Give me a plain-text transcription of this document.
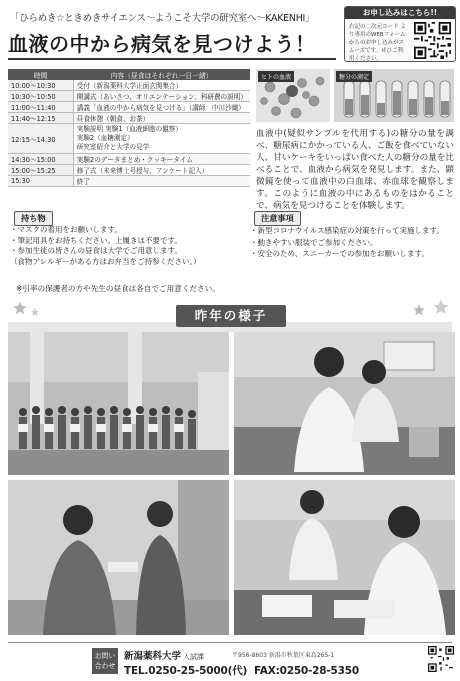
「ひらめき☆ときめきサイエンス〜ようこそ大学の研究室へ〜KAKENHI」
血液の中から病気を見つけよう！
お申し込みはこちら!!
右記の二次元コード より専用のWEBフォームからのお申し込みがスムーズです。ぜひご利用ください。
時間	内容（昼食はそれぞれ一日一緒）
10:00〜10:30	受付（新潟薬科大学正面玄関集合）
10:30〜10:50	開講式（あいさつ、オリエンテーション、科研費の説明）
11:00〜11:40	講義「血液の中から病気を見つける」（講師：中川沙織）
11:40〜12:15	昼食休憩（朝食、お茶）
12:15〜14:30	実験説明 実験1（血液細胞の観察）
実験2（血糖測定）
研究室紹介と大学の見学
14:30〜15:00	実験2のデータまとめ・クッキータイム
15:00〜15:25	修了式（未来博士号授与、アンケート記入）
15:30	終了
ヒトの血液	糖分の測定
血液中(疑似サンプルを代用する)の糖分の量を調べ、糖尿病にかかっている人、ご飯を食べていない人、甘いケーキをいっぱい食べた人の糖分の量を比べることで、血液から病気を発見します。また、顕微鏡を使って血液中の白血球、赤血球を観察します。このように血液の中にあるものをはかることで、病気を見つけることを体験します。
持ち物
・マスクの着用をお願いします。
・筆記用具をお持ちください。上履きは不要です。
・参加生徒の皆さんの昼食は大学でご用意します。
（食物アレルギーがある方はお弁当をご持参ください。）
※引率の保護者の方や先生の昼食は各自でご用意ください。
注意事項
・新型コロナウイルス感染症の対策を行って実施します。
・動きやすい服装でご参加ください。
・安全のため、スニーカーでの参加をお願いします。
昨年の様子
お問い合わせ
新潟薬科大学 入試課	〒956-8603 新潟市秋葉区東島265-1
TEL.0250-25-5000(代) FAX:0250-28-5350
